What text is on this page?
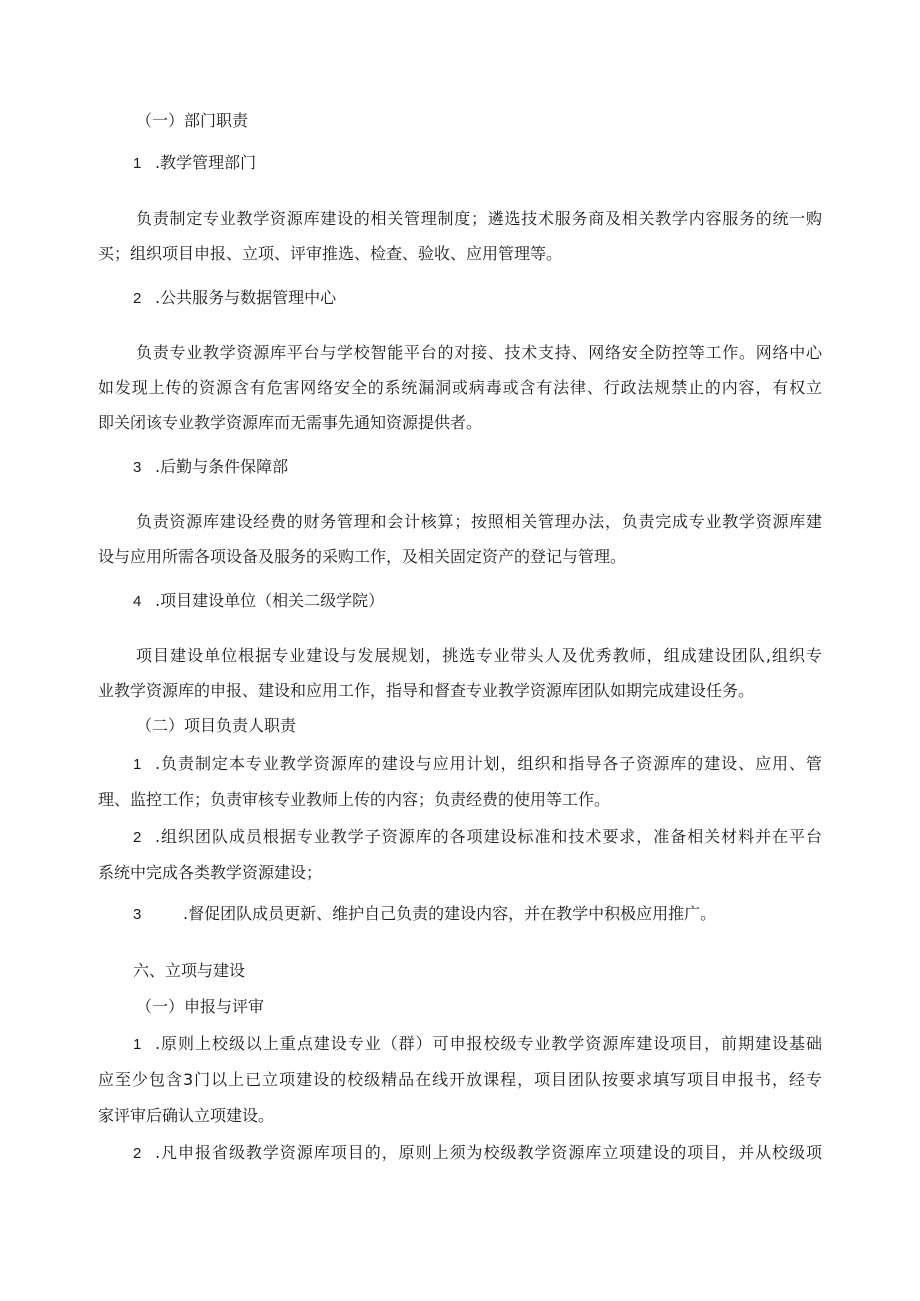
（一）部门职责
1 .教学管理部门
负责制定专业教学资源库建设的相关管理制度；遴选技术服务商及相关教学内容服务的统一购
买；组织项目申报、立项、评审推选、检查、验收、应用管理等。
2 .公共服务与数据管理中心
负责专业教学资源库平台与学校智能平台的对接、技术支持、网络安全防控等工作。网络中心
如发现上传的资源含有危害网络安全的系统漏洞或病毒或含有法律、行政法规禁止的内容，有权立
即关闭该专业教学资源库而无需事先通知资源提供者。
3 .后勤与条件保障部
负责资源库建设经费的财务管理和会计核算；按照相关管理办法，负责完成专业教学资源库建
设与应用所需各项设备及服务的采购工作，及相关固定资产的登记与管理。
4 .项目建设单位（相关二级学院）
项目建设单位根据专业建设与发展规划，挑选专业带头人及优秀教师，组成建设团队,组织专
业教学资源库的申报、建设和应用工作，指导和督查专业教学资源库团队如期完成建设任务。
（二）项目负责人职责
1 .负责制定本专业教学资源库的建设与应用计划，组织和指导各子资源库的建设、应用、管
理、监控工作；负责审核专业教师上传的内容；负责经费的使用等工作。
2 .组织团队成员根据专业教学子资源库的各项建设标准和技术要求，准备相关材料并在平台
系统中完成各类教学资源建设；
3	.督促团队成员更新、维护自己负责的建设内容，并在教学中积极应用推广。
六、立项与建设
（一）申报与评审
1 .原则上校级以上重点建设专业（群）可申报校级专业教学资源库建设项目，前期建设基础
应至少包含3门以上已立项建设的校级精品在线开放课程，项目团队按要求填写项目申报书，经专
家评审后确认立项建设。
2 .凡申报省级教学资源库项目的，原则上须为校级教学资源库立项建设的项目，并从校级项
